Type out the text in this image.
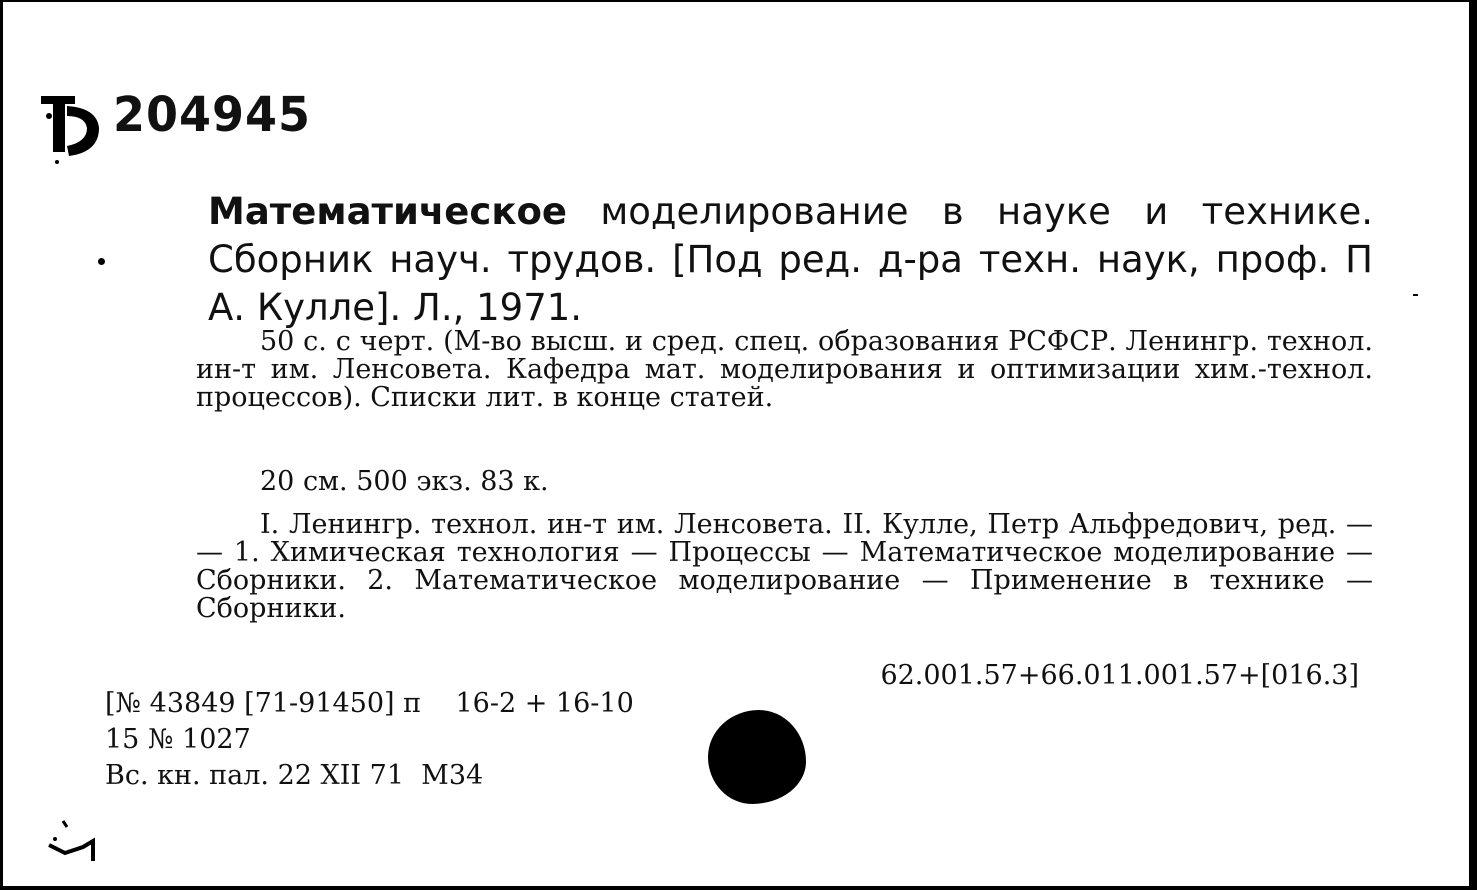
204945
Математическое моделирование в науке и технике. Сборник науч. трудов. [Под ред. д-ра техн. наук, проф. П А. Кулле]. Л., 1971.

50 с. с черт. (М-во высш. и сред. спец. образования РСФСР. Ленингр. технол. ин-т им. Ленсовета. Кафедра мат. моделирования и оптимизации хим.-технол. процессов). Списки лит. в конце статей.

20 см. 500 экз. 83 к.

I. Ленингр. технол. ин-т им. Ленсовета. II. Кулле, Петр Альфредович, ред. — — 1. Химическая технология — Процессы — Математическое моделирование — Сборники. 2. Математическое моделирование — Применение в технике — Сборники.

62.001.57+66.011.001.57+[016.3]
[№ 43849 [71-91450] п    16-2 + 16-10
15 № 1027
Вс. кн. пал. 22 XII 71  М34
